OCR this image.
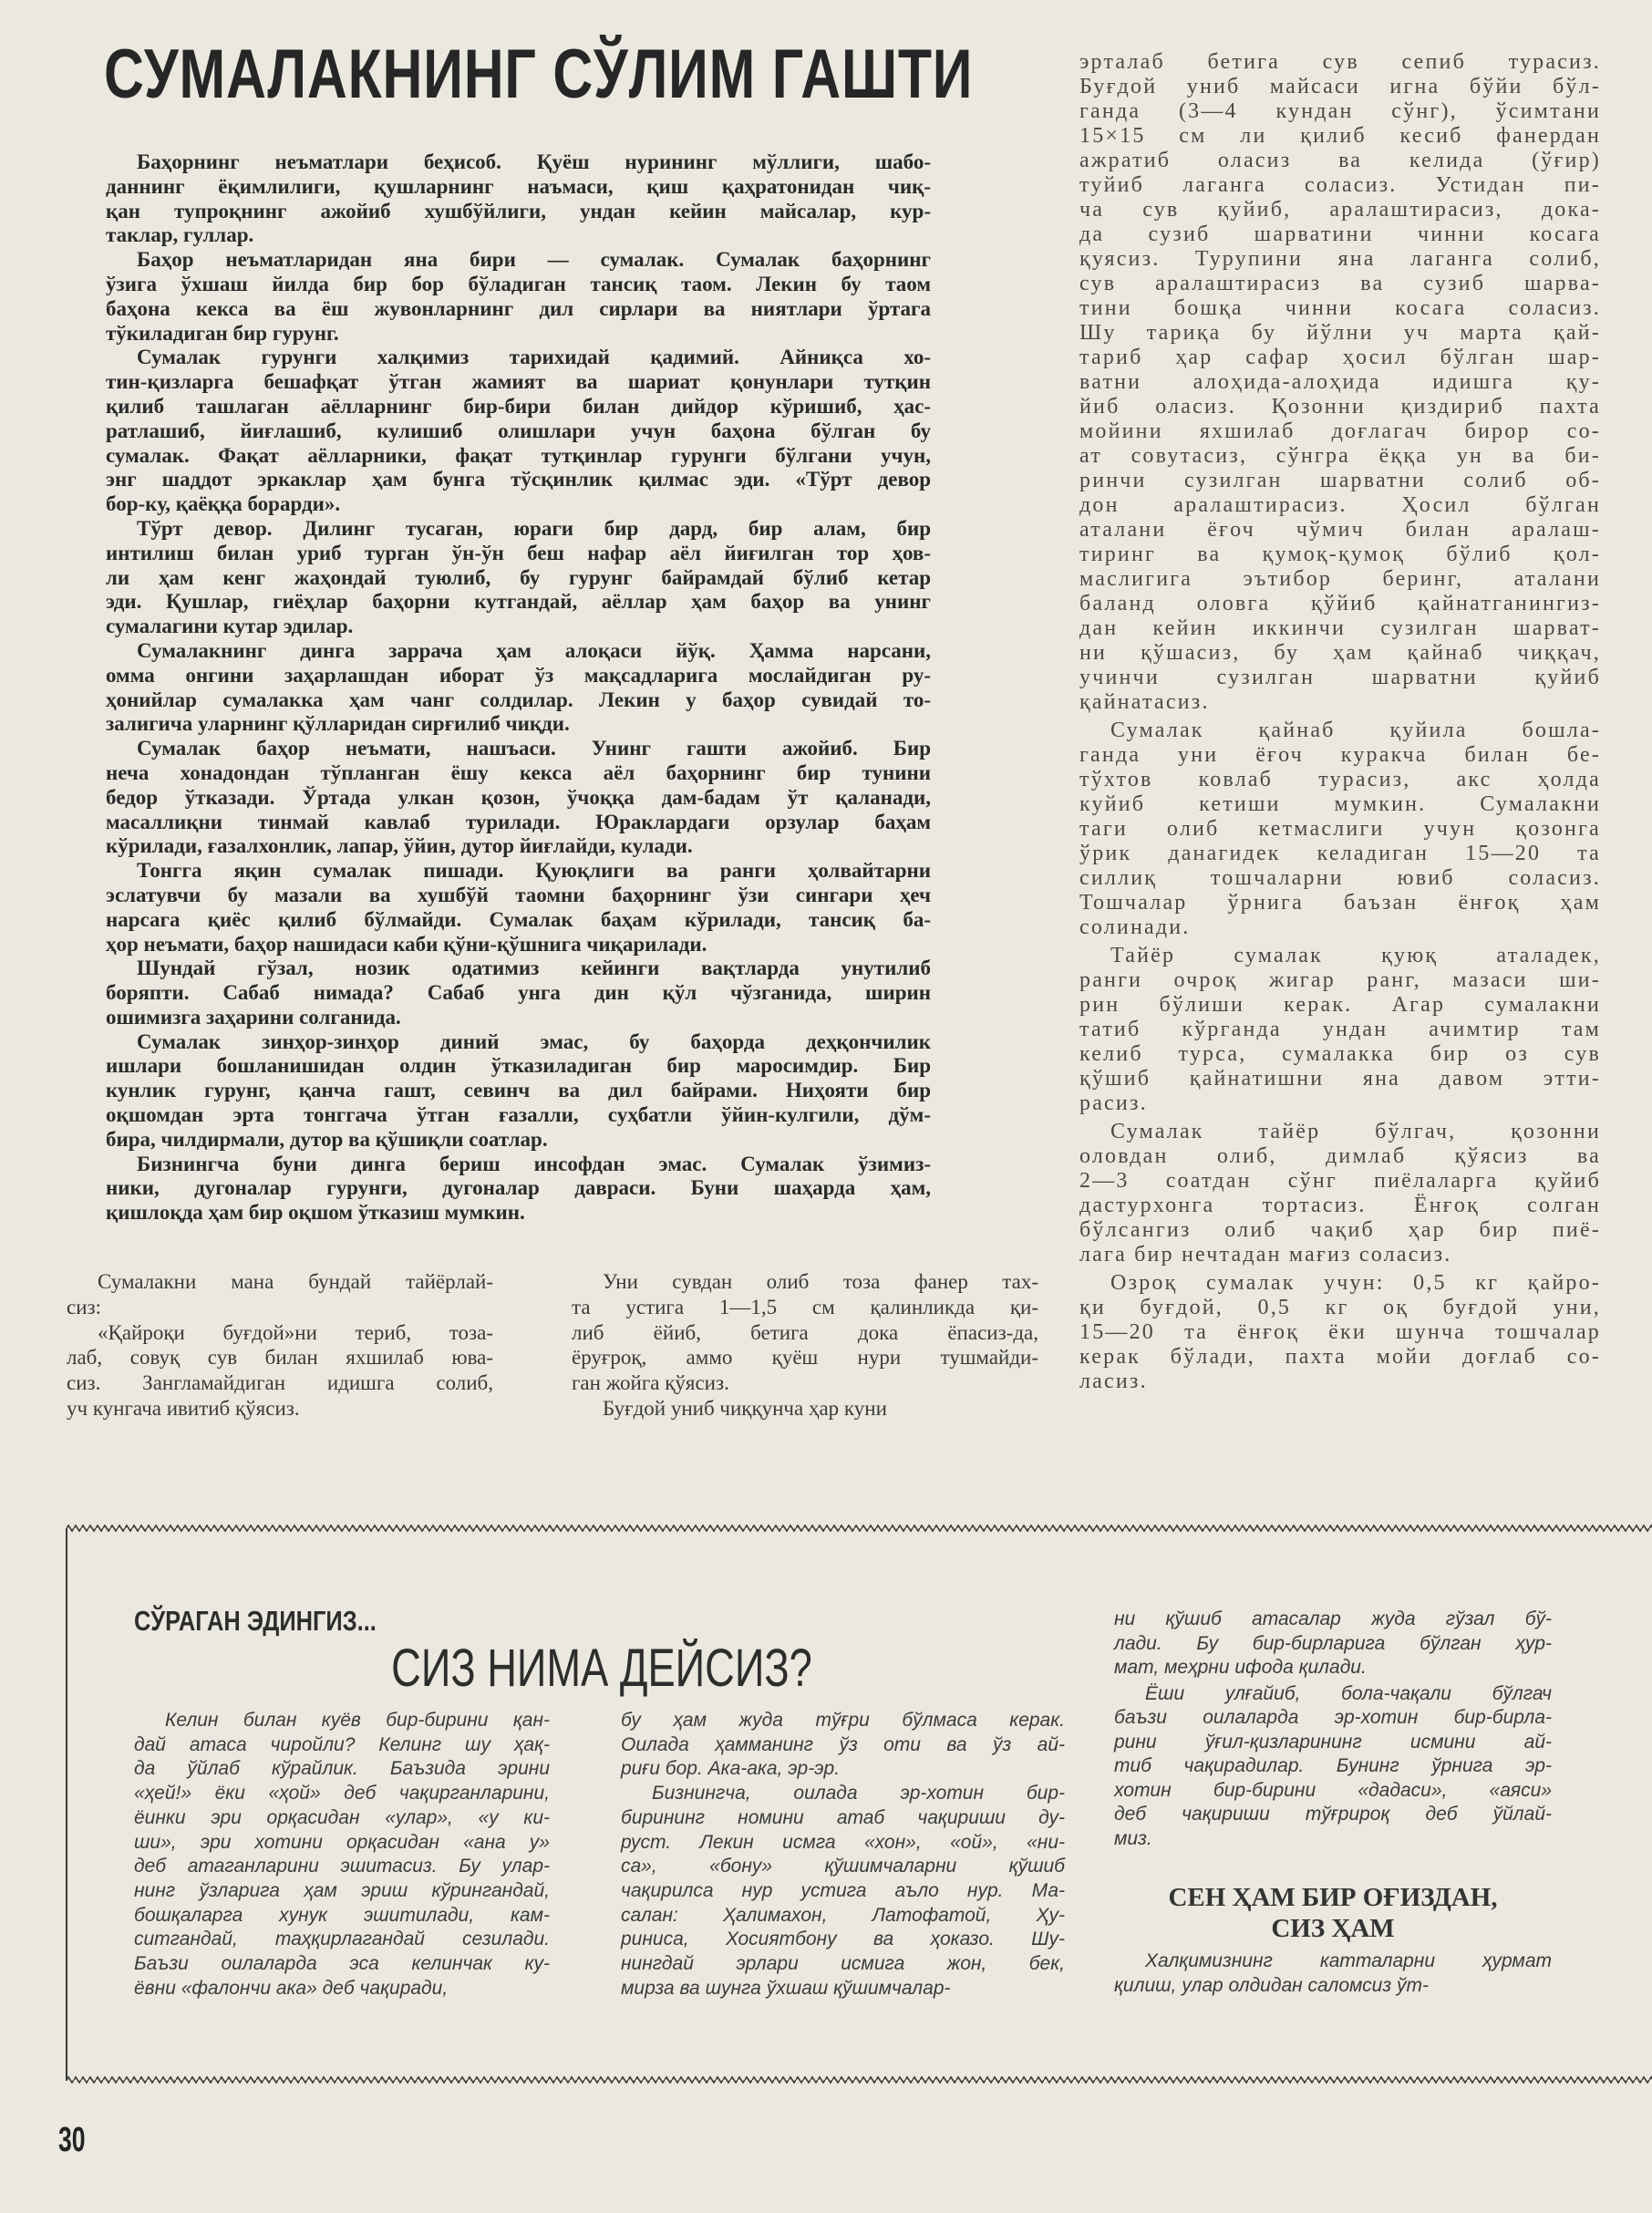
СУМАЛАКНИНГ СЎЛИМ ГАШТИ
Баҳорнинг неъматлари беҳисоб. Қуёш нурининг мўллиги, шабо-
даннинг ёқимлилиги, қушларнинг наъмаси, қиш қаҳратонидан чиқ-
қан тупроқнинг ажойиб хушбўйлиги, ундан кейин майсалар, кур-
таклар, гуллар.
Баҳор неъматларидан яна бири — сумалак. Сумалак баҳорнинг
ўзига ўхшаш йилда бир бор бўладиган тансиқ таом. Лекин бу таом
баҳона кекса ва ёш жувонларнинг дил сирлари ва ниятлари ўртага
тўкиладиган бир гурунг.
Сумалак гурунги халқимиз тарихидай қадимий. Айниқса хо-
тин-қизларга бешафқат ўтган жамият ва шариат қонунлари тутқин
қилиб ташлаган аёлларнинг бир-бири билан дийдор кўришиб, ҳас-
ратлашиб, йиғлашиб, кулишиб олишлари учун баҳона бўлган бу
сумалак. Фақат аёлларники, фақат тутқинлар гурунги бўлгани учун,
энг шаддот эркаклар ҳам бунга тўсқинлик қилмас эди. «Тўрт девор
бор-ку, қаёққа борарди».
Тўрт девор. Дилинг тусаган, юраги бир дард, бир алам, бир
интилиш билан уриб турган ўн-ўн беш нафар аёл йиғилган тор ҳов-
ли ҳам кенг жаҳондай туюлиб, бу гурунг байрамдай бўлиб кетар
эди. Қушлар, гиёҳлар баҳорни кутгандай, аёллар ҳам баҳор ва унинг
сумалагини кутар эдилар.
Сумалакнинг динга заррача ҳам алоқаси йўқ. Ҳамма нарсани,
омма онгини заҳарлашдан иборат ўз мақсадларига мослайдиган ру-
ҳонийлар сумалакка ҳам чанг солдилар. Лекин у баҳор сувидай то-
залигича уларнинг қўлларидан сирғилиб чиқди.
Сумалак баҳор неъмати, нашъаси. Унинг гашти ажойиб. Бир
неча хонадондан тўпланган ёшу кекса аёл баҳорнинг бир тунини
бедор ўтказади. Ўртада улкан қозон, ўчоққа дам-бадам ўт қаланади,
масаллиқни тинмай кавлаб турилади. Юраклардаги орзулар баҳам
кўрилади, ғазалхонлик, лапар, ўйин, дутор йиғлайди, кулади.
Тонгга яқин сумалак пишади. Қуюқлиги ва ранги ҳолвайтарни
эслатувчи бу мазали ва хушбўй таомни баҳорнинг ўзи сингари ҳеч
нарсага қиёс қилиб бўлмайди. Сумалак баҳам кўрилади, тансиқ ба-
ҳор неъмати, баҳор нашидаси каби қўни-қўшнига чиқарилади.
Шундай гўзал, нозик одатимиз кейинги вақтларда унутилиб
боряпти. Сабаб нимада? Сабаб унга дин қўл чўзганида, ширин
ошимизга заҳарини солганида.
Сумалак зинҳор-зинҳор диний эмас, бу баҳорда деҳқончилик
ишлари бошланишидан олдин ўтказиладиган бир маросимдир. Бир
кунлик гурунг, қанча гашт, севинч ва дил байрами. Ниҳояти бир
оқшомдан эрта тонггача ўтган ғазалли, суҳбатли ўйин-кулгили, дўм-
бира, чилдирмали, дутор ва қўшиқли соатлар.
Бизнингча буни динга бериш инсофдан эмас. Сумалак ўзимиз-
ники, дугоналар гурунги, дугоналар давраси. Буни шаҳарда ҳам,
қишлоқда ҳам бир оқшом ўтказиш мумкин.
эрталаб бетига сув сепиб турасиз.
Буғдой униб майсаси игна бўйи бўл-
ганда (3—4 кундан сўнг), ўсимтани
15×15 см ли қилиб кесиб фанердан
ажратиб оласиз ва келида (ўғир)
туйиб лаганга соласиз. Устидан пи-
ча сув қуйиб, аралаштирасиз, дока-
да сузиб шарватини чинни косага
қуясиз. Турупини яна лаганга солиб,
сув аралаштирасиз ва сузиб шарва-
тини бошқа чинни косага соласиз.
Шу тариқа бу йўлни уч марта қай-
тариб ҳар сафар ҳосил бўлган шар-
ватни алоҳида-алоҳида идишга қу-
йиб оласиз. Қозонни қиздириб пахта
мойини яхшилаб доғлагач бирор со-
ат совутасиз, сўнгра ёққа ун ва би-
ринчи сузилган шарватни солиб об-
дон аралаштирасиз. Ҳосил бўлган
аталани ёғоч чўмич билан аралаш-
тиринг ва қумоқ-қумоқ бўлиб қол-
маслигига эътибор беринг, аталани
баланд оловга қўйиб қайнатганингиз-
дан кейин иккинчи сузилган шарват-
ни қўшасиз, бу ҳам қайнаб чиққач,
учинчи сузилган шарватни қуйиб
қайнатасиз.
Сумалак қайнаб қуйила бошла-
ганда уни ёғоч куракча билан бе-
тўхтов ковлаб турасиз, акс ҳолда
куйиб кетиши мумкин. Сумалакни
таги олиб кетмаслиги учун қозонга
ўрик данагидек келадиган 15—20 та
силлиқ тошчаларни ювиб соласиз.
Тошчалар ўрнига баъзан ёнғоқ ҳам
солинади.
Тайёр сумалак қуюқ аталадек,
ранги очроқ жигар ранг, мазаси ши-
рин бўлиши керак. Агар сумалакни
татиб кўрганда ундан ачимтир там
келиб турса, сумалакка бир оз сув
қўшиб қайнатишни яна давом этти-
расиз.
Сумалак тайёр бўлгач, қозонни
оловдан олиб, димлаб қўясиз ва
2—3 соатдан сўнг пиёлаларга қуйиб
дастурхонга тортасиз. Ёнғоқ солган
бўлсангиз олиб чақиб ҳар бир пиё-
лага бир нечтадан мағиз соласиз.
Озроқ сумалак учун: 0,5 кг қайро-
қи буғдой, 0,5 кг оқ буғдой уни,
15—20 та ёнғоқ ёки шунча тошчалар
керак бўлади, пахта мойи доғлаб со-
ласиз.
Сумалакни мана бундай тайёрлай-
сиз:
«Қайроқи буғдой»ни териб, тоза-
лаб, совуқ сув билан яхшилаб юва-
сиз. Зангламайдиган идишга солиб,
уч кунгача ивитиб қўясиз.
Уни сувдан олиб тоза фанер тах-
та устига 1—1,5 см қалинликда қи-
либ ёйиб, бетига дока ёпасиз-да,
ёруғроқ, аммо қуёш нури тушмайди-
ган жойга қўясиз.
Буғдой униб чиққунча ҳар куни
СЎРАГАН ЭДИНГИЗ...
СИЗ НИМА ДЕЙСИЗ?
Келин билан куёв бир-бирини қан-
дай атаса чиройли? Келинг шу ҳақ-
да ўйлаб кўрайлик. Баъзида эрини
«ҳей!» ёки «ҳой» деб чақирганларини,
ёинки эри орқасидан «улар», «у ки-
ши», эри хотини орқасидан «ана у»
деб атаганларини эшитасиз. Бу улар-
нинг ўзларига ҳам эриш кўрингандай,
бошқаларга хунук эшитилади, кам-
ситгандай, таҳқирлагандай сезилади.
Баъзи оилаларда эса келинчак ку-
ёвни «фалончи ака» деб чақиради,
бу ҳам жуда тўғри бўлмаса керак.
Оилада ҳамманинг ўз оти ва ўз ай-
риғи бор. Ака-ака, эр-эр.
Бизнингча, оилада эр-хотин бир-
бирининг номини атаб чақириши ду-
руст. Лекин исмга «хон», «ой», «ни-
са», «бону» қўшимчаларни қўшиб
чақирилса нур устига аъло нур. Ма-
салан: Ҳалимахон, Латофатой, Ҳу-
риниса, Хосиятбону ва ҳоказо. Шу-
нингдай эрлари исмига жон, бек,
мирза ва шунга ўхшаш қўшимчалар-
ни қўшиб атасалар жуда гўзал бў-
лади. Бу бир-бирларига бўлган ҳур-
мат, меҳрни ифода қилади.
Ёши улғайиб, бола-чақали бўлгач
баъзи оилаларда эр-хотин бир-бирла-
рини ўғил-қизларининг исмини ай-
тиб чақирадилар. Бунинг ўрнига эр-
хотин бир-бирини «дадаси», «аяси»
деб чақириши тўғрироқ деб ўйлай-
миз.
СЕН ҲАМ БИР ОҒИЗДАН,
СИЗ ҲАМ
Халқимизнинг катталарни ҳурмат
қилиш, улар олдидан саломсиз ўт-
30
